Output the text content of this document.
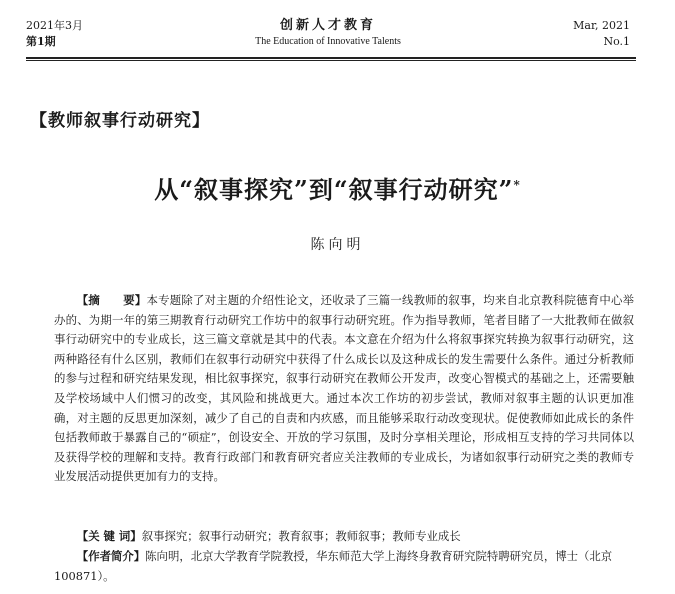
2021年3月
第1期
创新人才教育
The Education of Innovative Talents
Mar, 2021
No.1
【教师叙事行动研究】
从“叙事探究”到“叙事行动研究”*
陈向明

【摘　　要】本专题除了对主题的介绍性论文，还收录了三篇一线教师的叙事，均来自北京教科院德育中心举办的、为期一年的第三期教育行动研究工作坊中的叙事行动研究班。作为指导教师，笔者目睹了一大批教师在做叙事行动研究中的专业成长，这三篇文章就是其中的代表。本文意在介绍为什么将叙事探究转换为叙事行动研究，这两种路径有什么区别，教师们在叙事行动研究中获得了什么成长以及这种成长的发生需要什么条件。通过分析教师的参与过程和研究结果发现，相比叙事探究，叙事行动研究在教师公开发声，改变心智模式的基础之上，还需要触及学校场域中人们惯习的改变，其风险和挑战更大。通过本次工作坊的初步尝试，教师对叙事主题的认识更加准确，对主题的反思更加深刻，减少了自己的自责和内疚感，而且能够采取行动改变现状。促使教师如此成长的条件包括教师敢于暴露自己的“硕症”，创设安全、开放的学习氛围，及时分享相关理论，形成相互支持的学习共同体以及获得学校的理解和支持。教育行政部门和教育研究者应关注教师的专业成长，为诸如叙事行动研究之类的教师专业发展活动提供更加有力的支持。

【关 键 词】叙事探究；叙事行动研究；教育叙事；教师叙事；教师专业成长
【作者简介】陈向明，北京大学教育学院教授，华东师范大学上海终身教育研究院特聘研究员，博士（北京　100871）。
